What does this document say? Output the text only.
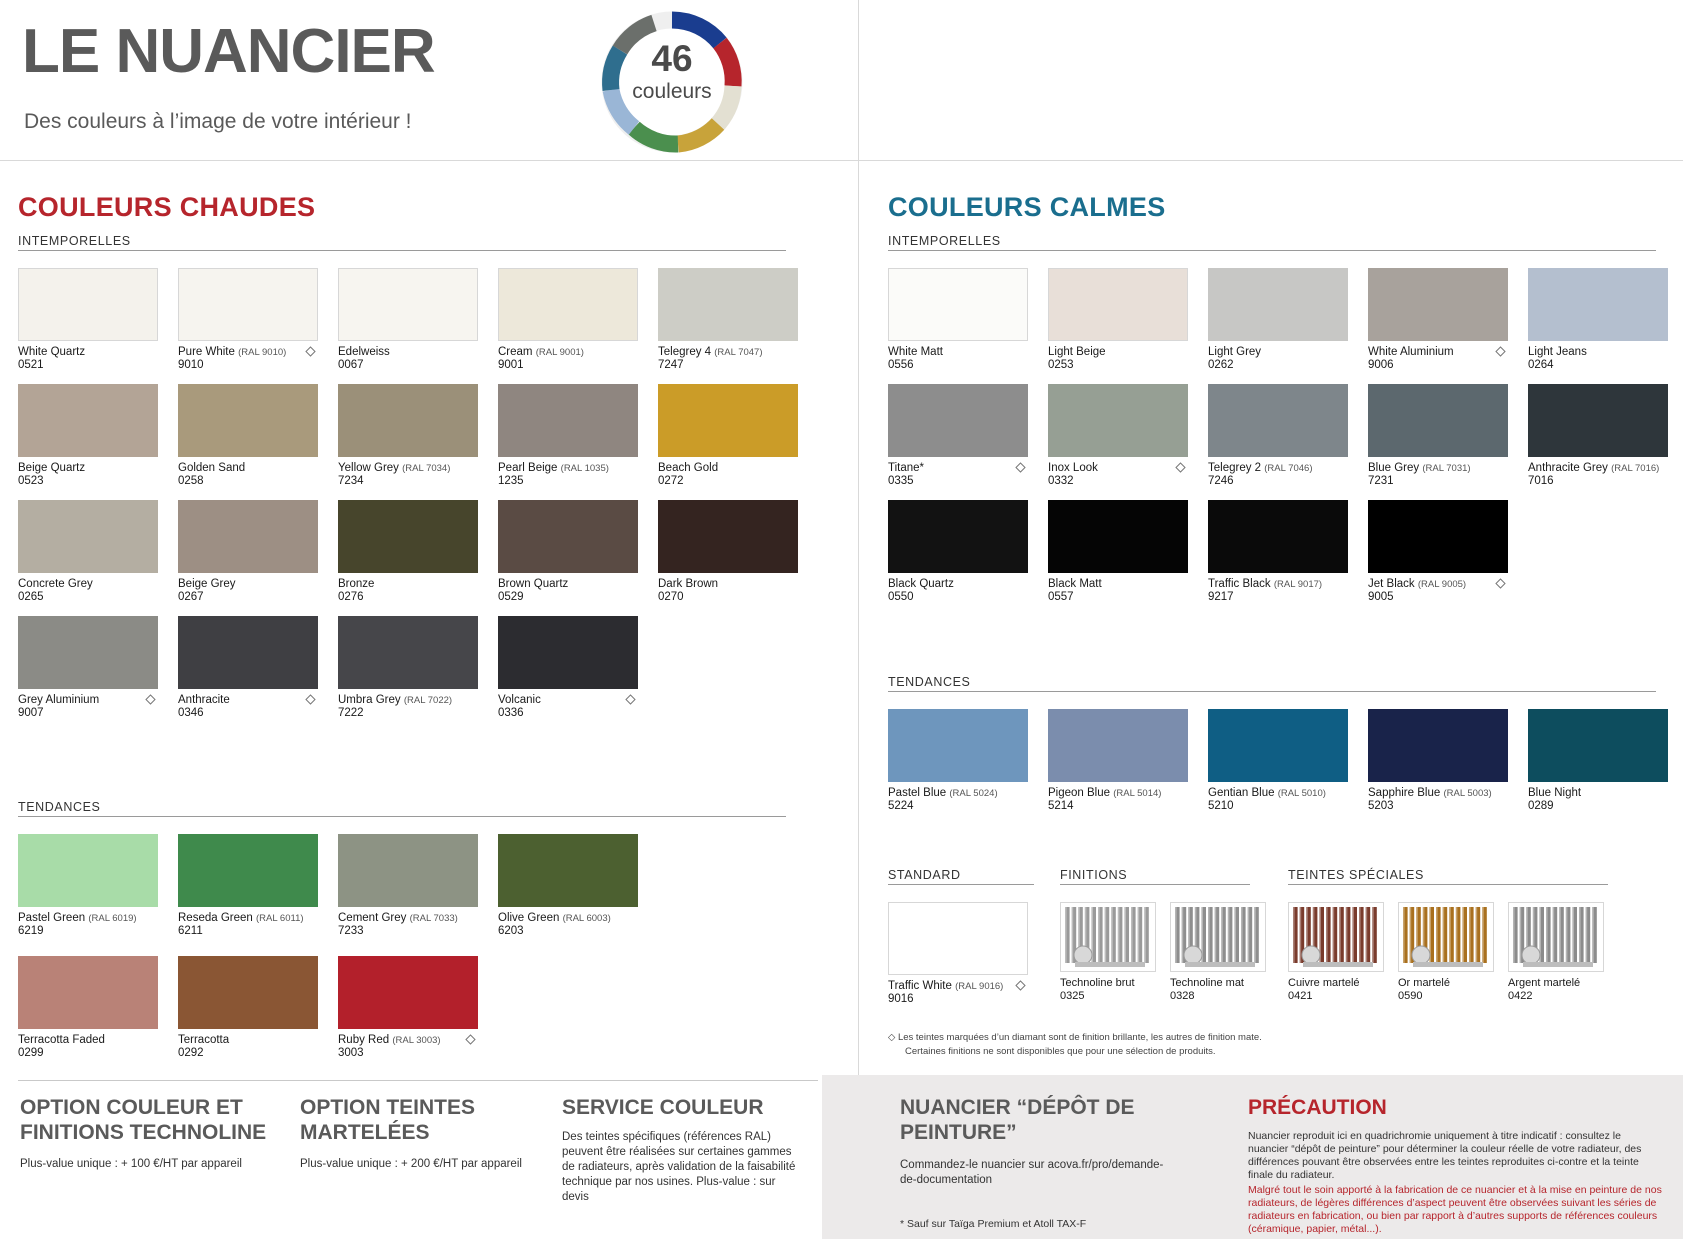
LE NUANCIER
Des couleurs à l’image de votre intérieur !
46
couleurs
COULEURS CHAUDES	COULEURS CALMES
INTEMPORELLES
TENDANCES
INTEMPORELLES
TENDANCES
STANDARD	FINITIONS	TEINTES SPÉCIALES
◇ Les teintes marquées d’un diamant sont de finition brillante, les autres de finition mate.
Certaines finitions ne sont disponibles que pour une sélection de produits.
OPTION COULEUR ET FINITIONS TECHNOLINE
Plus-value unique : + 100 €/HT par appareil
OPTION TEINTES MARTELÉES
Plus-value unique : + 200 €/HT par appareil
SERVICE COULEUR
Des teintes spécifiques (références RAL) peuvent être réalisées sur certaines gammes de radiateurs, après validation de la faisabilité technique par nos usines. Plus-value : sur devis
NUANCIER “DÉPÔT DE PEINTURE”
Commandez-le nuancier sur acova.fr/pro/demande-de-documentation
* Sauf sur Taïga Premium et Atoll TAX-F
PRÉCAUTION
Nuancier reproduit ici en quadrichromie uniquement à titre indicatif : consultez le nuancier “dépôt de peinture” pour déterminer la couleur réelle de votre radiateur, des différences pouvant être observées entre les teintes reproduites ci-contre et la teinte finale du radiateur.
Malgré tout le soin apporté à la fabrication de ce nuancier et à la mise en peinture de nos radiateurs, de légères différences d’aspect peuvent être observées suivant les séries de radiateurs en fabrication, ou bien par rapport à d’autres supports de références couleurs (céramique, papier, métal...).
White Quartz
0521
Pure White (RAL 9010)
9010
Edelweiss
0067
Cream (RAL 9001)
9001
Telegrey 4 (RAL 7047)
7247
Beige Quartz
0523
Golden Sand
0258
Yellow Grey (RAL 7034)
7234
Pearl Beige (RAL 1035)
1235
Beach Gold
0272
Concrete Grey
0265
Beige Grey
0267
Bronze
0276
Brown Quartz
0529
Dark Brown
0270
Grey Aluminium
9007
Anthracite
0346
Umbra Grey (RAL 7022)
7222
Volcanic
0336
Pastel Green (RAL 6019)
6219
Reseda Green (RAL 6011)
6211
Cement Grey (RAL 7033)
7233
Olive Green (RAL 6003)
6203
Terracotta Faded
0299
Terracotta
0292
Ruby Red (RAL 3003)
3003
White Matt
0556
Light Beige
0253
Light Grey
0262
White Aluminium
9006
Light Jeans
0264
Titane*
0335
Inox Look
0332
Telegrey 2 (RAL 7046)
7246
Blue Grey (RAL 7031)
7231
Anthracite Grey (RAL 7016)
7016
Black Quartz
0550
Black Matt
0557
Traffic Black (RAL 9017)
9217
Jet Black (RAL 9005)
9005
Pastel Blue (RAL 5024)
5224
Pigeon Blue (RAL 5014)
5214
Gentian Blue (RAL 5010)
5210
Sapphire Blue (RAL 5003)
5203
Blue Night
0289
Traffic White (RAL 9016)
9016
Technoline brut
0325
Technoline mat
0328
Cuivre martelé
0421
Or martelé
0590
Argent martelé
0422
